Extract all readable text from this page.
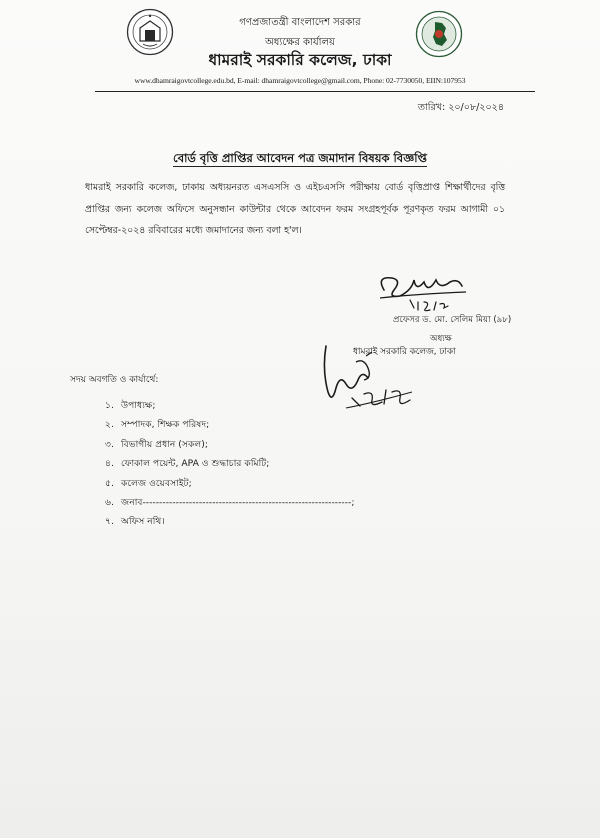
গণপ্রজাতন্ত্রী বাংলাদেশ সরকার
অধ্যক্ষের কার্যালয়
ধামরাই সরকারি কলেজ, ঢাকা
www.dhamraigovtcollege.edu.bd, E-mail: dhamraigovtcollege@gmail.com, Phone: 02-7730050, EIIN:107953
তারিখ: ২০/০৮/২০২৪
বোর্ড বৃত্তি প্রাপ্তির আবেদন পত্র জমাদান বিষয়ক বিজ্ঞপ্তি
ধামরাই সরকারি কলেজ, ঢাকায় অধ্যয়নরত এসএসসি ও এইচএসসি পরীক্ষায় বোর্ড বৃত্তিপ্রাপ্ত শিক্ষার্থীদের বৃত্তি প্রাপ্তির জন্য কলেজ অফিসে অনুসন্ধান কাউন্টার থেকে আবেদন ফরম সংগ্রহপূর্বক পূরণকৃত ফরম আগামী ০১ সেপ্টেম্বর-২০২৪ রবিবারের মধ্যে জমাদানের জন্য বলা হ'ল।
প্রফেসর ড. মো. সেলিম মিয়া (৯৮)
অধ্যক্ষ
ধামরাই সরকারি কলেজ, ঢাকা
সদয় অবগতি ও কার্যার্থে:
১. উপাধ্যক্ষ;
২. সম্পাদক, শিক্ষক পরিষদ;
৩. বিভাগীয় প্রধান (সকল);
৪. ফোকাল পয়েন্ট, APA ও শুদ্ধাচার কমিটি;
৫. কলেজ ওয়েবসাইট;
৬. জনাব---------------------------------------------------------------;
৭. অফিস নথি।
